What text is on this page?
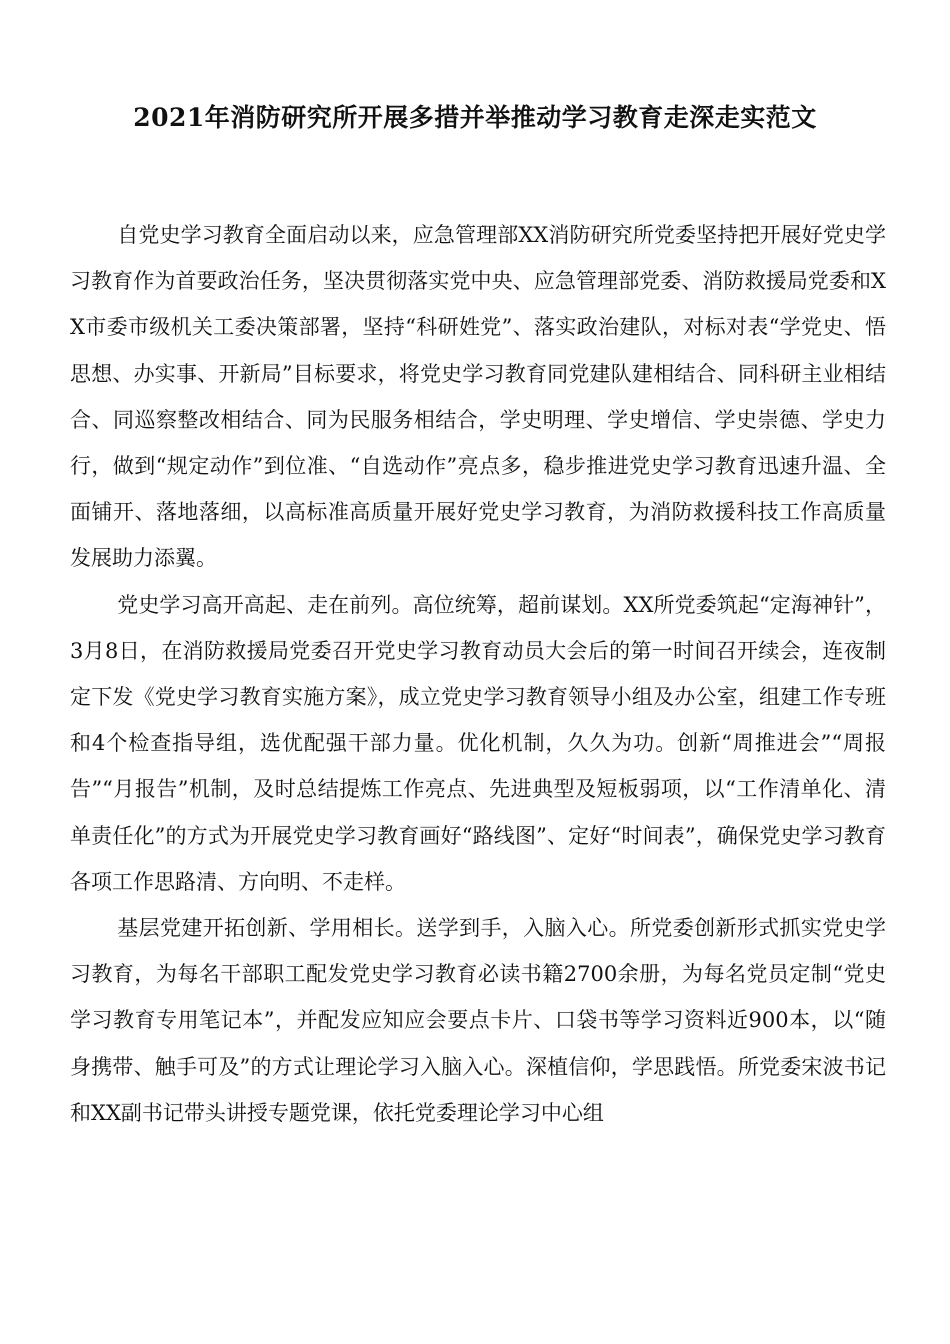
2021年消防研究所开展多措并举推动学习教育走深走实范文

自党史学习教育全面启动以来，应急管理部XX消防研究所党委坚持把开展好党史学习教育作为首要政治任务，坚决贯彻落实党中央、应急管理部党委、消防救援局党委和XX市委市级机关工委决策部署，坚持“科研姓党”、落实政治建队，对标对表“学党史、悟思想、办实事、开新局”目标要求，将党史学习教育同党建队建相结合、同科研主业相结合、同巡察整改相结合、同为民服务相结合，学史明理、学史增信、学史崇德、学史力行，做到“规定动作”到位准、“自选动作”亮点多，稳步推进党史学习教育迅速升温、全面铺开、落地落细，以高标准高质量开展好党史学习教育，为消防救援科技工作高质量发展助力添翼。

党史学习高开高起、走在前列。高位统筹，超前谋划。XX所党委筑起“定海神针”，3月8日，在消防救援局党委召开党史学习教育动员大会后的第一时间召开续会，连夜制定下发《党史学习教育实施方案》，成立党史学习教育领导小组及办公室，组建工作专班和4个检查指导组，选优配强干部力量。优化机制，久久为功。创新“周推进会”“周报告”“月报告”机制，及时总结提炼工作亮点、先进典型及短板弱项，以“工作清单化、清单责任化”的方式为开展党史学习教育画好“路线图”、定好“时间表”，确保党史学习教育各项工作思路清、方向明、不走样。

基层党建开拓创新、学用相长。送学到手，入脑入心。所党委创新形式抓实党史学习教育，为每名干部职工配发党史学习教育必读书籍2700余册，为每名党员定制“党史学习教育专用笔记本”，并配发应知应会要点卡片、口袋书等学习资料近900本，以“随身携带、触手可及”的方式让理论学习入脑入心。深植信仰，学思践悟。所党委宋波书记和XX副书记带头讲授专题党课，依托党委理论学习中心组
